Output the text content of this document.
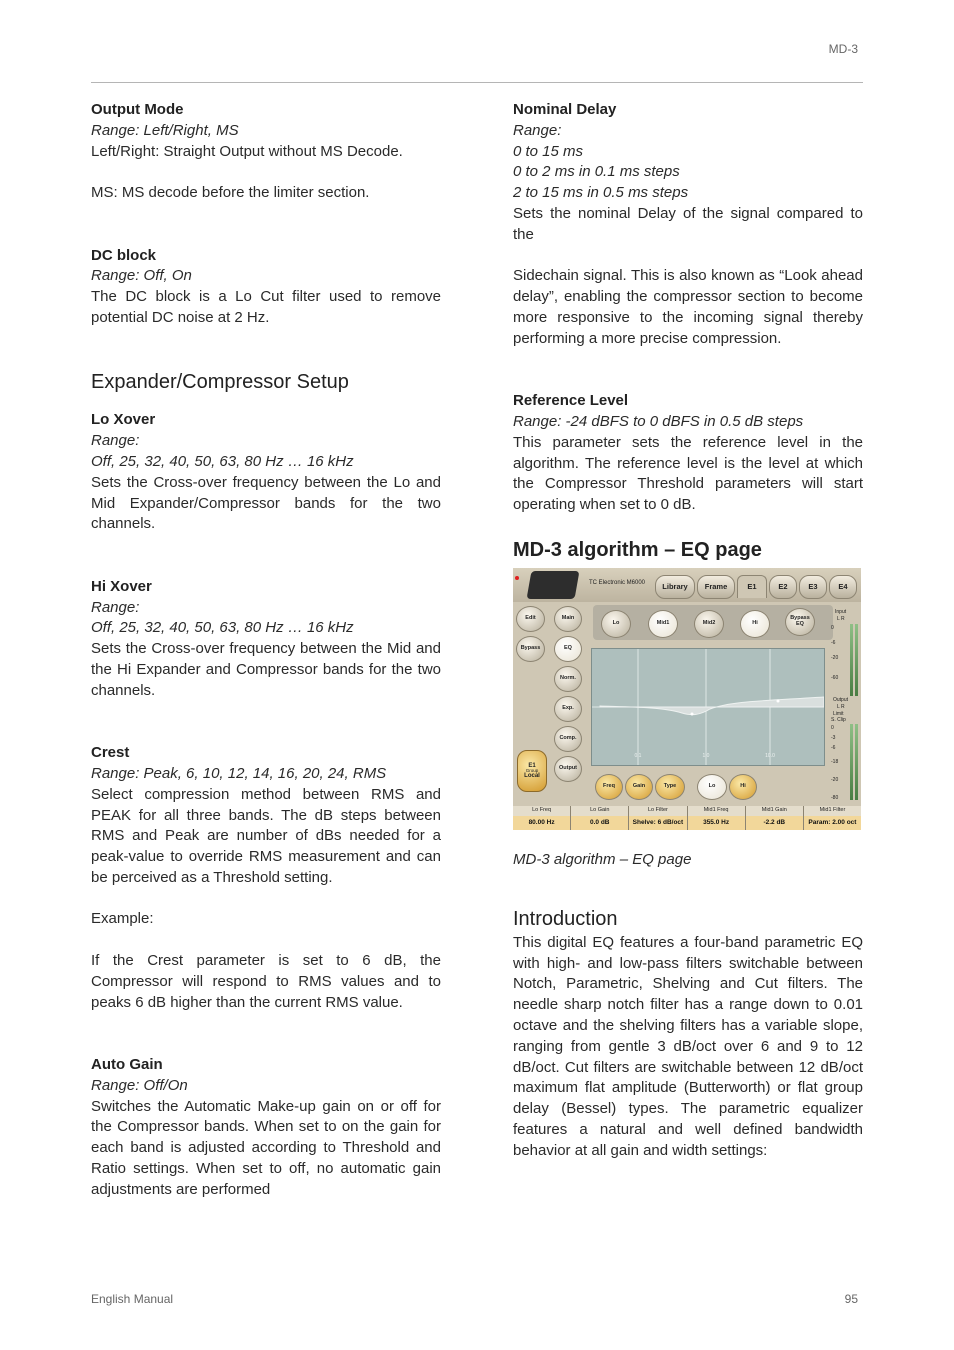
MD-3
Output Mode
Range: Left/Right, MS

Left/Right: Straight Output without MS Decode.

MS: MS decode before the limiter section.

DC block
Range: Off, On

The DC block is a Lo Cut filter used to remove potential DC noise at 2 Hz.

Expander/Compressor Setup
Lo Xover
Range:
Off, 25, 32, 40, 50, 63, 80 Hz … 16 kHz

Sets the Cross-over frequency between the Lo and Mid Expander/Compressor bands for the two channels.

Hi Xover
Range:
Off, 25, 32, 40, 50, 63, 80 Hz … 16 kHz

Sets the Cross-over frequency between the Mid and the Hi Expander and Compressor bands for the two channels.

Crest
Range: Peak, 6, 10, 12, 14, 16, 20, 24, RMS

Select compression method between RMS and PEAK for all three bands. The dB steps between RMS and Peak are number of dBs needed for a peak-value to override RMS measurement and can be perceived as a Threshold setting.

Example:

If the Crest parameter is set to 6 dB, the Compressor will respond to RMS values and to peaks 6 dB higher than the current RMS value.

Auto Gain
Range: Off/On

Switches the Automatic Make-up gain on or off for the Compressor bands. When set to on the gain for each band is adjusted according to Threshold and Ratio settings. When set to off, no automatic gain adjustments are performed

Nominal Delay
Range:
0 to 15 ms
0 to 2 ms in 0.1 ms steps
2 to 15 ms in 0.5 ms steps

Sets the nominal Delay of the signal compared to the

Sidechain signal. This is also known as “Look ahead delay”, enabling the compressor section to become more responsive to the incoming signal thereby performing a more precise compression.

Reference Level
Range: -24 dBFS to 0 dBFS in 0.5 dB steps

This parameter sets the reference level in the algorithm. The reference level is the level at which the Compressor Threshold parameters will start operating when set to 0 dB.

MD-3 algorithm – EQ page
TC Electronic M6000	Library	Frame	E1	E2	E3	E4
Edit
Bypass
Main
EQ
Norm.
Exp.
Comp.
Output
Lo	Mid1	Mid2	Hi
Bypass EQ
0.1	1.0	10.0
Freq	Gain	Type	Lo	Hi
E1
Group
Local
Input
L R
0
-6
-20
-60
Output
L R
Limit
S. Clip
0
-3
-6
-18
-20
-80
Lo Freq
80.00 Hz
Lo Gain
0.0 dB
Lo Filter
Shelve: 6 dB/oct
Mid1 Freq
355.0 Hz
Mid1 Gain
-2.2 dB
Mid1 Filter
Param: 2.00 oct
MD-3 algorithm – EQ page
Introduction

This digital EQ features a four-band parametric EQ with high- and low-pass filters switchable between Notch, Parametric, Shelving and Cut filters. The needle sharp notch filter has a range down to 0.01 octave and the shelving filters has a variable slope, ranging from gentle 3 dB/oct over 6 and 9 to 12 dB/oct. Cut filters are switchable between 12 dB/oct maximum flat amplitude (Butterworth) or flat group delay (Bessel) types. The parametric equalizer features a natural and well defined bandwidth behavior at all gain and width settings:

English Manual	95
